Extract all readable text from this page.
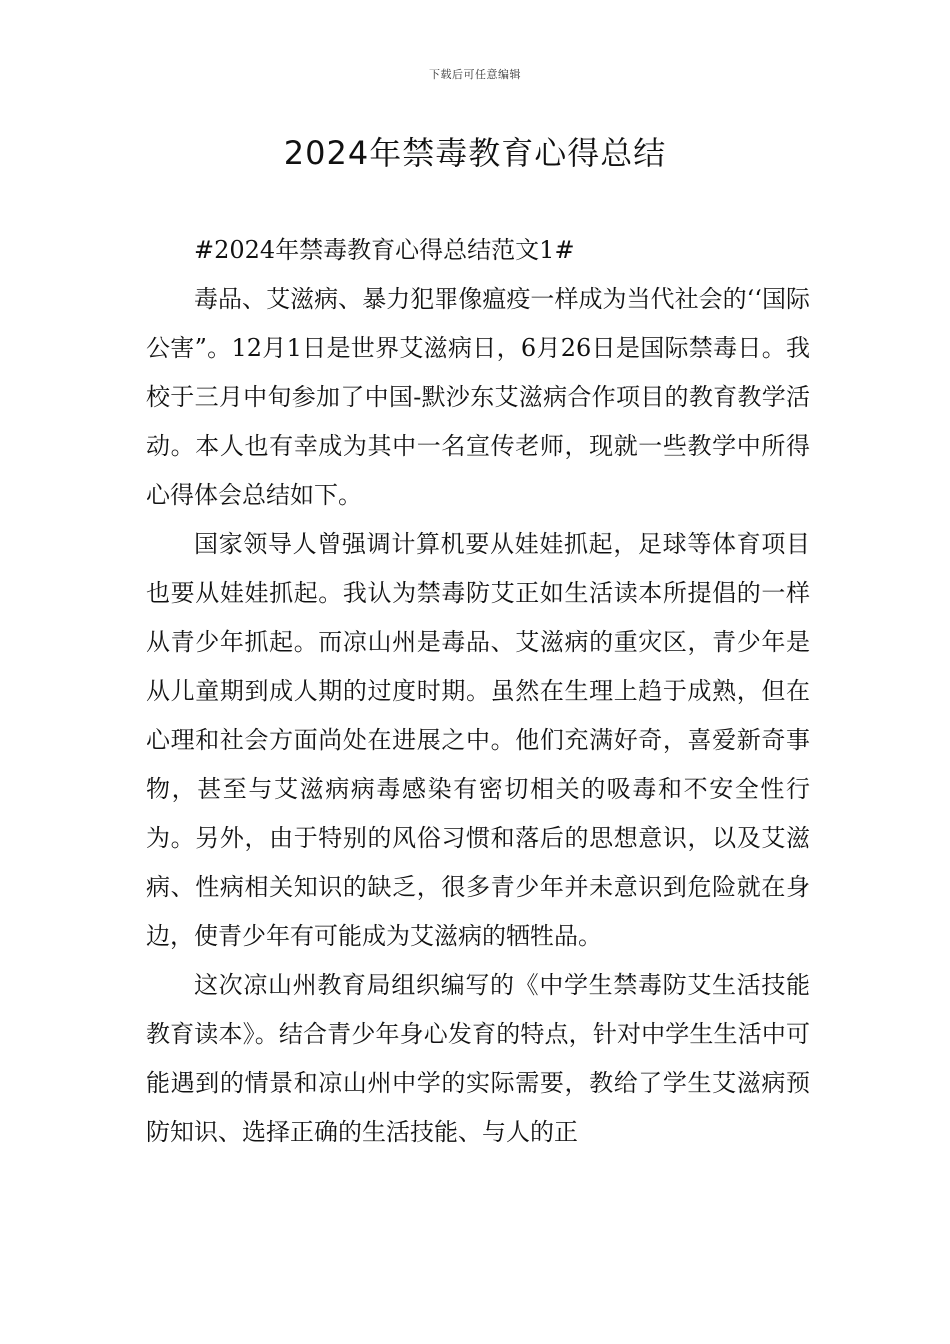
下载后可任意编辑
2024年禁毒教育心得总结

#2024年禁毒教育心得总结范文1#

毒品、艾滋病、暴力犯罪像瘟疫一样成为当代社会的‘‘国际公害”。12月1日是世界艾滋病日，6月26日是国际禁毒日。我校于三月中旬参加了中国-默沙东艾滋病合作项目的教育教学活动。本人也有幸成为其中一名宣传老师，现就一些教学中所得心得体会总结如下。

国家领导人曾强调计算机要从娃娃抓起，足球等体育项目也要从娃娃抓起。我认为禁毒防艾正如生活读本所提倡的一样从青少年抓起。而凉山州是毒品、艾滋病的重灾区，青少年是从儿童期到成人期的过度时期。虽然在生理上趋于成熟，但在心理和社会方面尚处在进展之中。他们充满好奇，喜爱新奇事物，甚至与艾滋病病毒感染有密切相关的吸毒和不安全性行为。另外，由于特别的风俗习惯和落后的思想意识，以及艾滋病、性病相关知识的缺乏，很多青少年并未意识到危险就在身边，使青少年有可能成为艾滋病的牺牲品。

这次凉山州教育局组织编写的《中学生禁毒防艾生活技能教育读本》。结合青少年身心发育的特点，针对中学生生活中可能遇到的情景和凉山州中学的实际需要，教给了学生艾滋病预防知识、选择正确的生活技能、与人的正
